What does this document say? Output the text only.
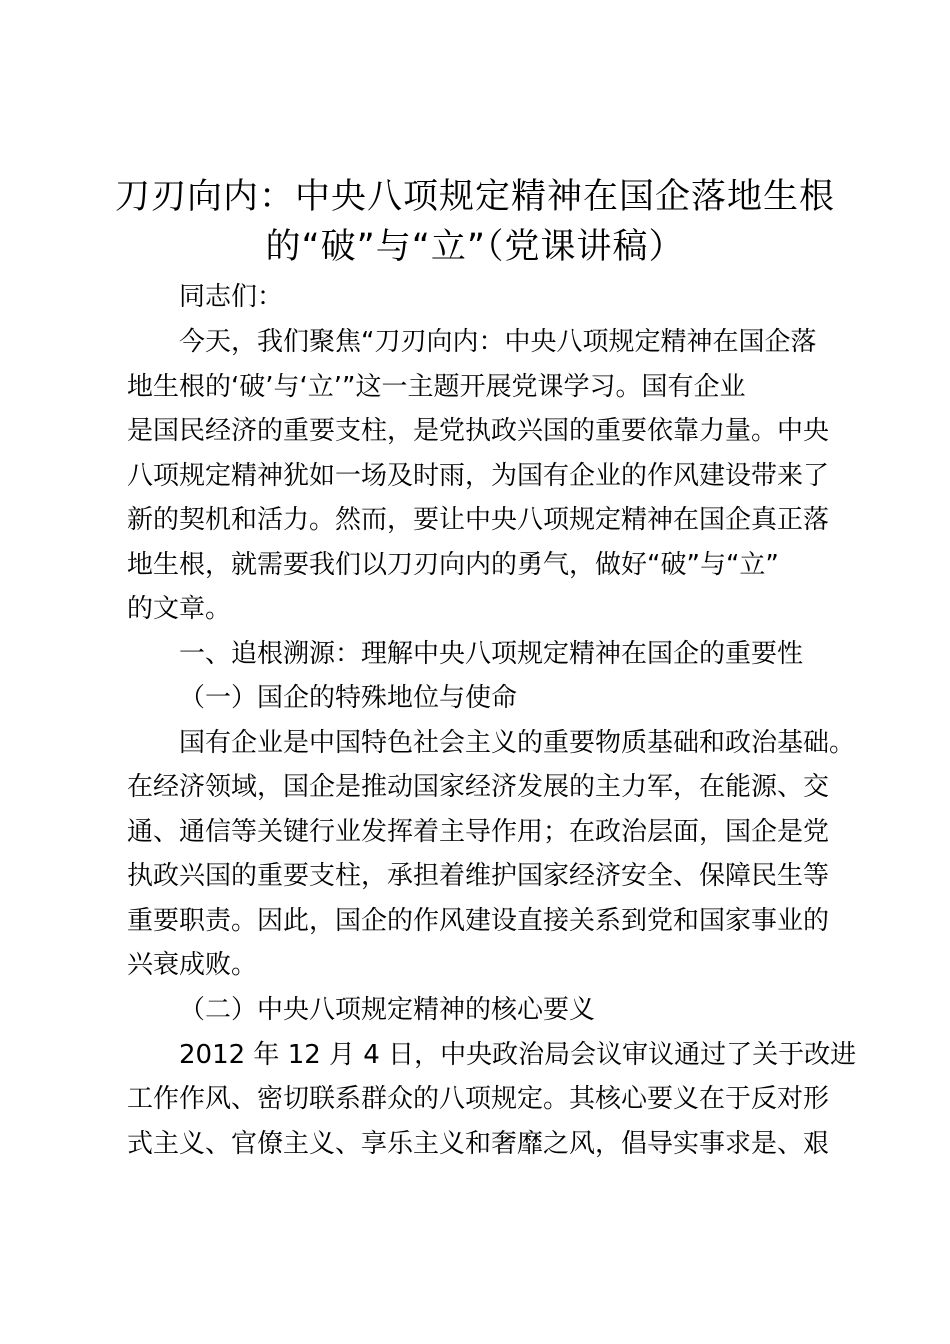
刀刃向内：中央八项规定精神在国企落地生根
的“破”与“立”（党课讲稿）
同志们：
今天，我们聚焦“刀刃向内：中央八项规定精神在国企落
地生根的‘破’与‘立’”这一主题开展党课学习。国有企业
是国民经济的重要支柱，是党执政兴国的重要依靠力量。中央
八项规定精神犹如一场及时雨，为国有企业的作风建设带来了
新的契机和活力。然而，要让中央八项规定精神在国企真正落
地生根，就需要我们以刀刃向内的勇气，做好“破”与“立”
的文章。
一、追根溯源：理解中央八项规定精神在国企的重要性
（一）国企的特殊地位与使命
国有企业是中国特色社会主义的重要物质基础和政治基础。
在经济领域，国企是推动国家经济发展的主力军，在能源、交
通、通信等关键行业发挥着主导作用；在政治层面，国企是党
执政兴国的重要支柱，承担着维护国家经济安全、保障民生等
重要职责。因此，国企的作风建设直接关系到党和国家事业的
兴衰成败。
（二）中央八项规定精神的核心要义
2012 年 12 月 4 日，中央政治局会议审议通过了关于改进
工作作风、密切联系群众的八项规定。其核心要义在于反对形
式主义、官僚主义、享乐主义和奢靡之风，倡导实事求是、艰
